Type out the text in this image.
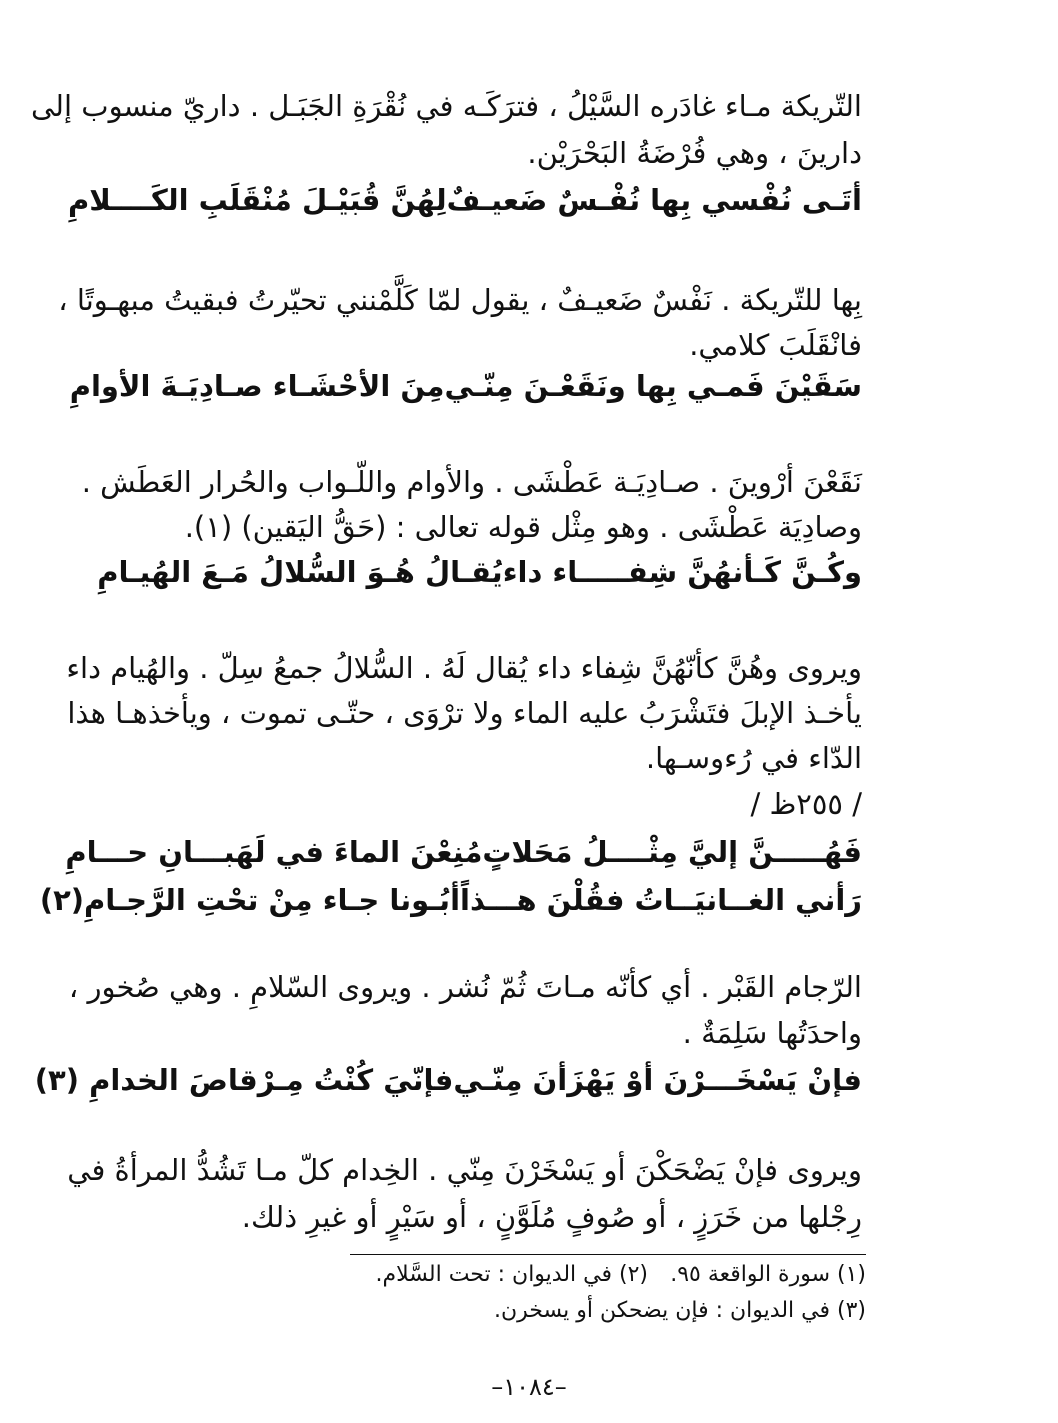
التّريكة مـاء غادَره السَّيْلُ ، فترَكَـه في نُقْرَةِ الجَبَـل . داريّ منسوب إلى
دارينَ ، وهي فُرْضَةُ البَحْرَيْن.
أتَـى نُفْسي بِها نُفْـسٌ ضَعيـفٌ
لِهُنَّ قُبَيْـلَ مُنْقَلَبِ الكَــــلامِ
بِها للتّريكة . نَفْسٌ ضَعيـفٌ ، يقول لمّا كَلَّمْنني تحيّرتُ فبقيتُ مبهـوتًا ،
فانْقَلَبَ كلامي.
سَقَيْنَ فَمـي بِها ونَقَعْـنَ مِنّـي
مِنَ الأحْشَـاء صـادِيَـةَ الأوامِ
نَقَعْنَ أرْوينَ . صـادِيَـة عَطْشَى . والأوام واللّـواب والحُرار العَطَش .
وصادِيَة عَطْشَى . وهو مِثْل قوله تعالى : (حَقُّ اليَقين) (١).
وكُـنَّ كَـأنهُنَّ شِفـــــاء داء
يُقـالُ هُـوَ السُّلالُ مَـعَ الهُيـامِ
ويروى وهُنَّ كأنّهُنَّ شِفاء داء يُقال لَهُ . السُّلالُ جمعُ سِلّ . والهُيام داء
يأخـذ الإبلَ فتَشْرَبُ عليه الماء ولا ترْوَى ، حتّـى تموت ، ويأخذهـا هذا
الدّاء في رُءوسـها.
/ ٢٥٥ظ /
فَهُـــــنَّ إليَّ مِثْــــلُ مَحَلاتٍ
مُنِعْنَ الماءَ في لَهَبـــانِ حـــامِ
رَأني الغــانيَــاتُ فقُلْنَ هـــذاً
أبُـونا جـاء مِنْ تحْتِ الرَّجـامِ(٢)
الرّجام القَبْر . أي كأنّه مـاتَ ثُمّ نُشر . ويروى السّلامِ . وهي صُخور ،
واحدَتُها سَلِمَةٌ .
فإنْ يَسْخَـــرْنَ أوْ يَهْزَأنَ مِنّـي
فإنّيَ كُنْتُ مِـرْقاصَ الخدامِ (٣)
ويروى فإنْ يَضْحَكْنَ أو يَسْخَرْنَ مِنّي . الخِدام كلّ مـا تَشُدُّ المرأةُ في
رِجْلها من خَرَزٍ ، أو صُوفٍ مُلَوَّنٍ ، أو سَيْرٍ أو غيرِ ذلك.
(١) سورة الواقعة ٩٥.
(٢) في الديوان : تحت السَّلام.
(٣) في الديوان : فإن يضحكن أو يسخرن.
–١٠٨٤–
